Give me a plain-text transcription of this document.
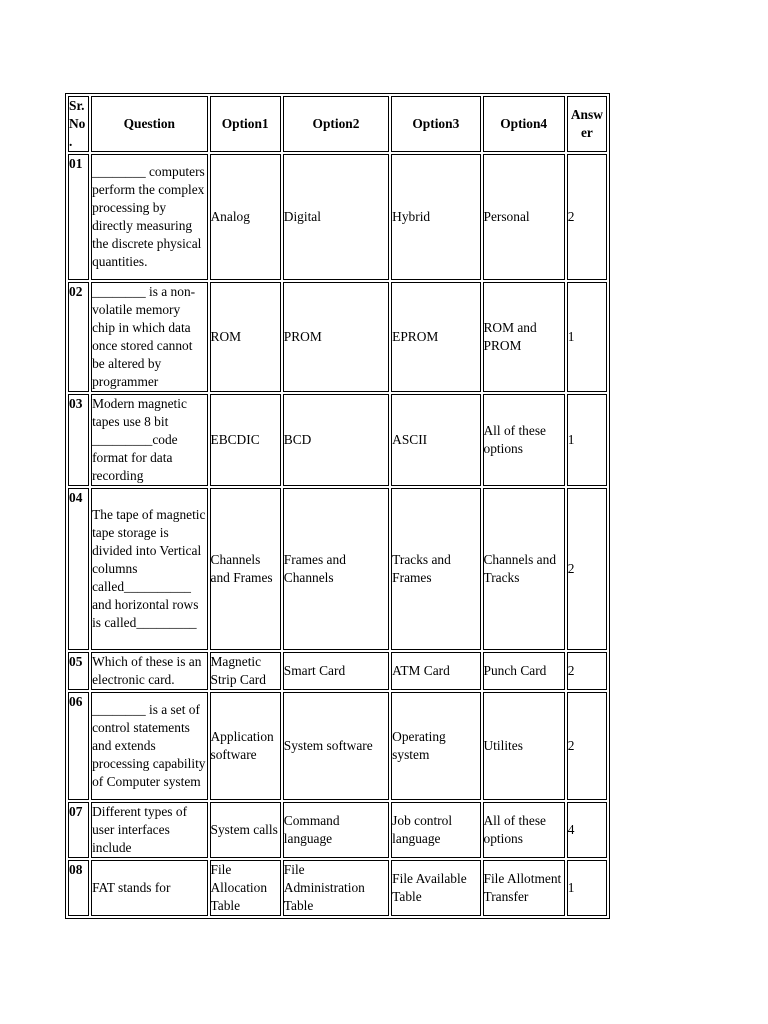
Sr. No .	Question	Option1	Option2	Option3	Option4	Answ er
01	________ computers perform the complex processing by directly measuring the discrete physical quantities.	Analog	Digital	Hybrid	Personal	2
02	________ is a non-volatile memory chip in which data once stored cannot be altered by programmer	ROM	PROM	EPROM	ROM and PROM	1
03	Modern magnetic tapes use 8 bit _________code format for data recording	EBCDIC	BCD	ASCII	All of these options	1
04	The tape of magnetic tape storage is divided into Vertical columns called__________ and horizontal rows is called_________	Channels and Frames	Frames and Channels	Tracks and Frames	Channels and Tracks	2
05	Which of these is an electronic card.	Magnetic Strip Card	Smart Card	ATM Card	Punch Card	2
06	________ is a set of control statements and extends processing capability of Computer system	Application software	System software	Operating system	Utilites	2
07	Different types of user interfaces include	System calls	Command language	Job control language	All of these options	4
08	FAT stands for	File Allocation Table	File Administration Table	File Available Table	File Allotment Transfer	1
